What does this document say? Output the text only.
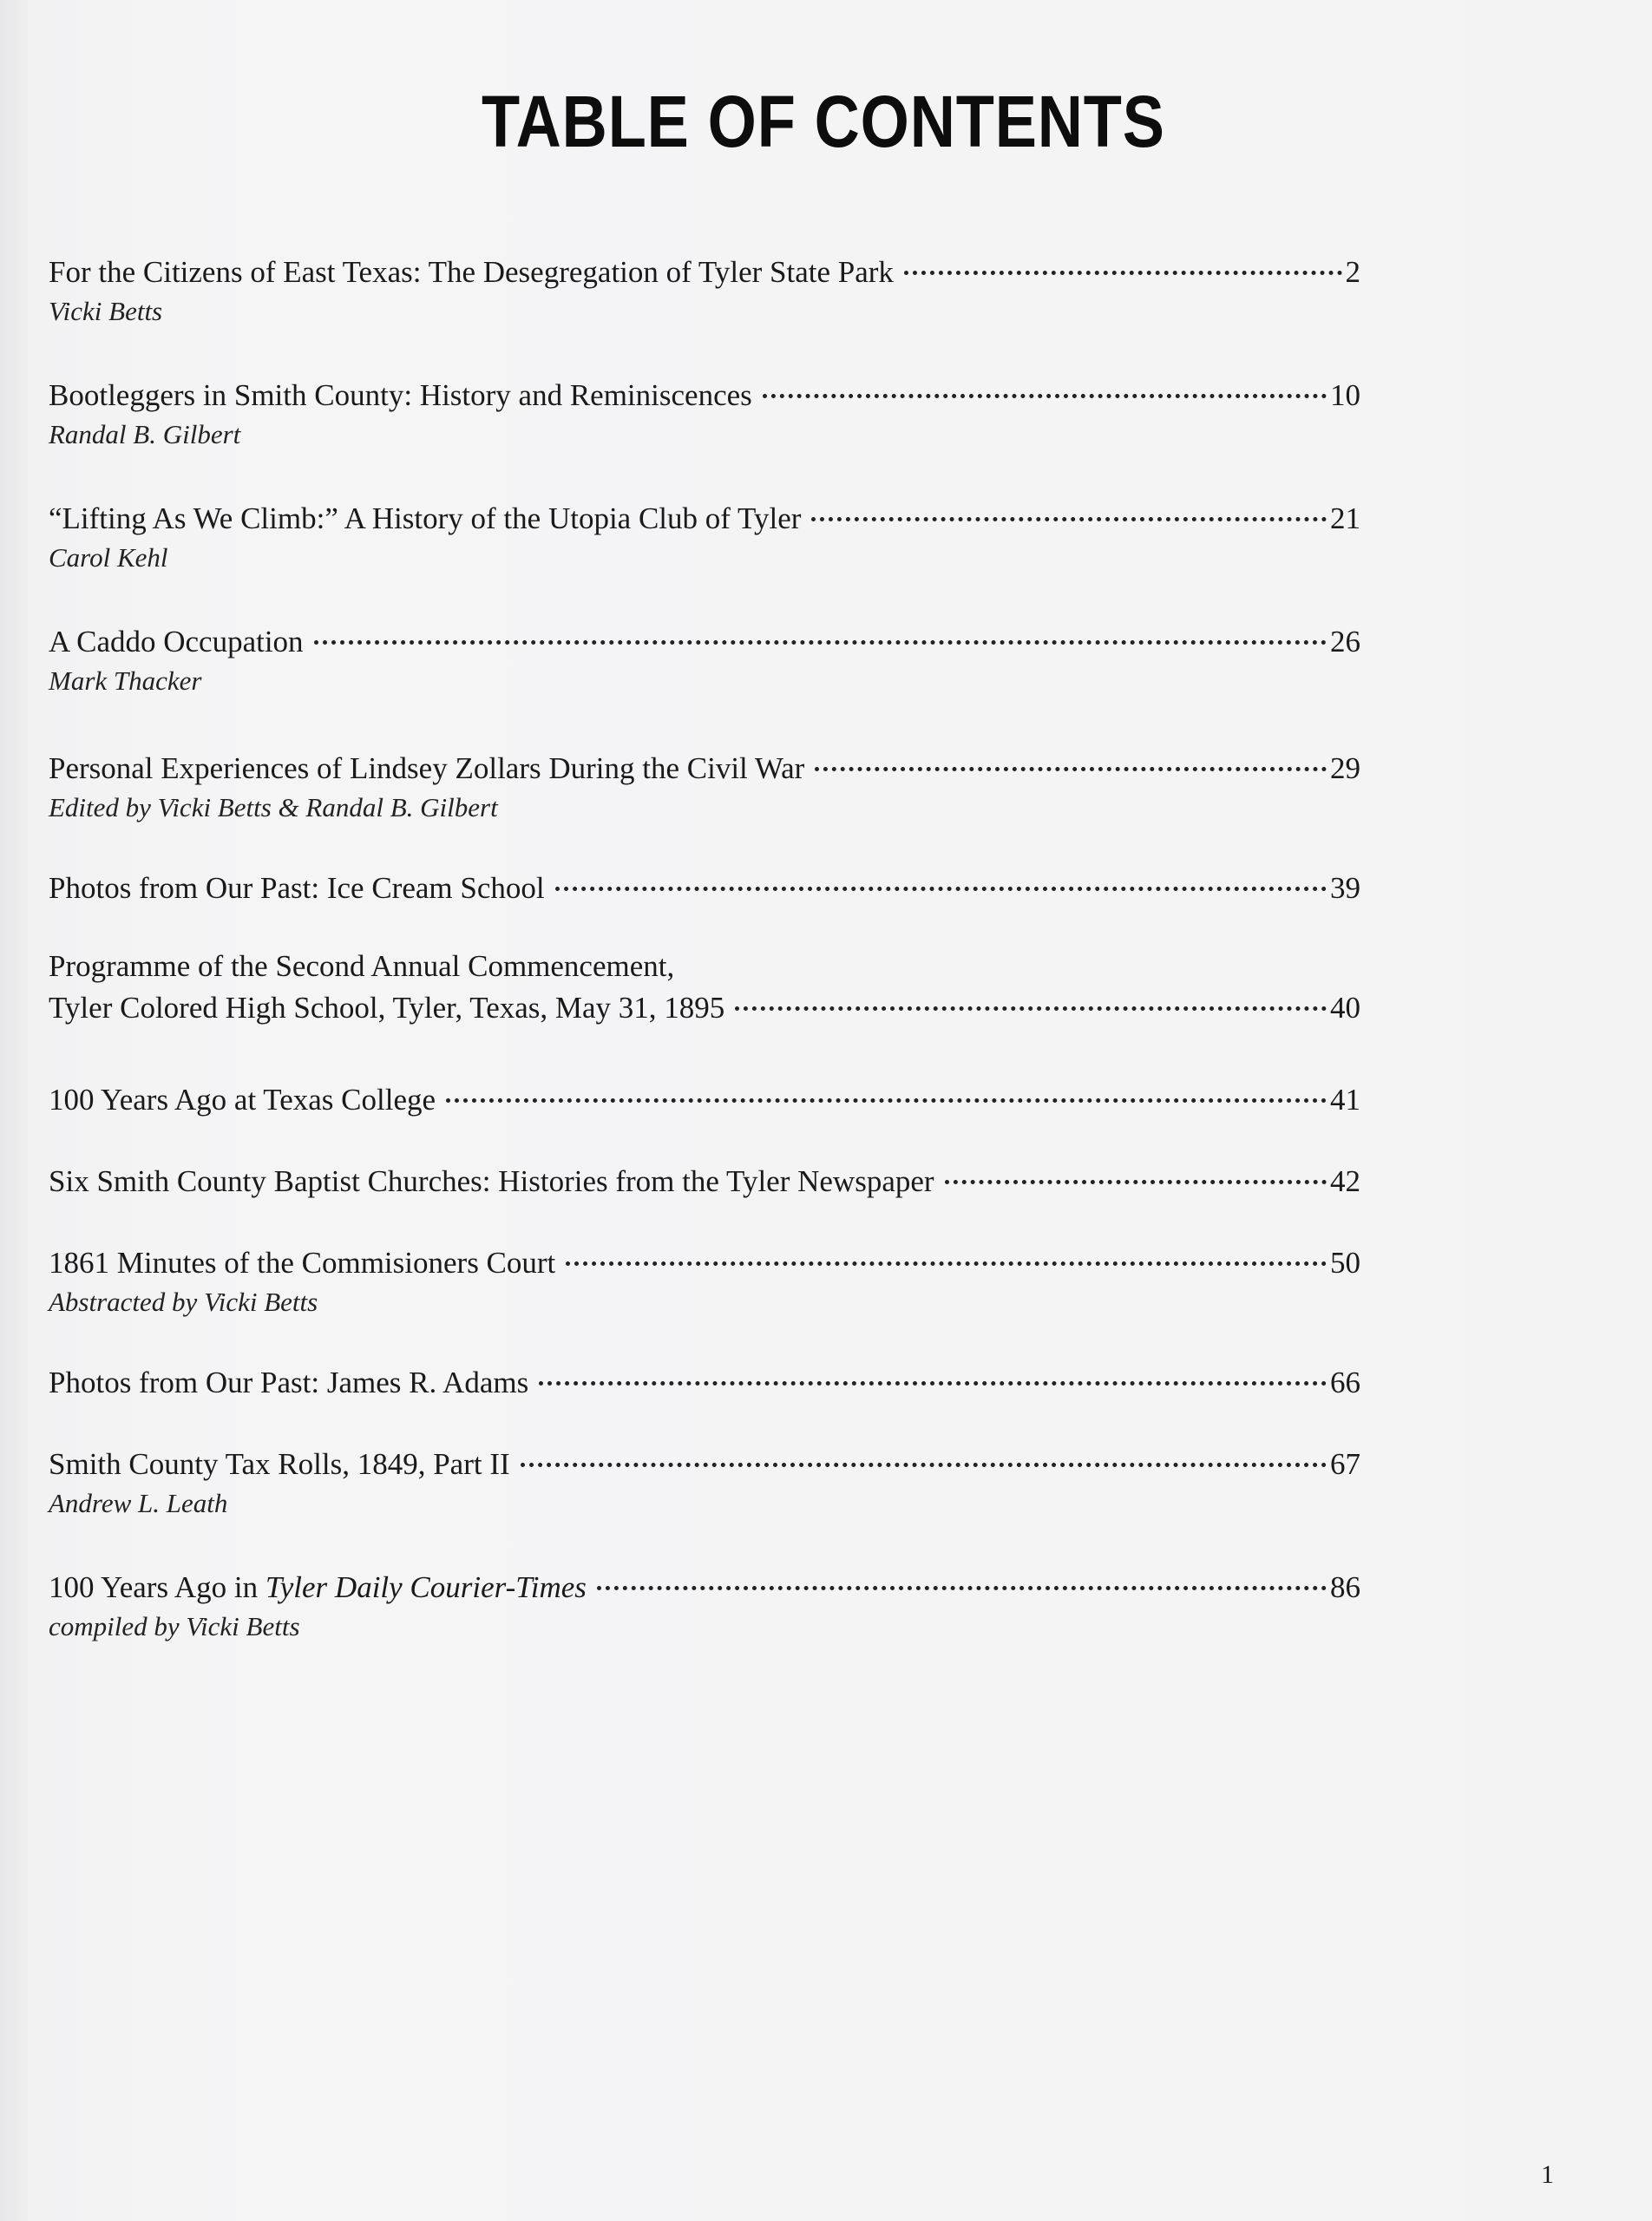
TABLE OF CONTENTS
For the Citizens of East Texas: The Desegregation of Tyler State Park	2
Vicki Betts
Bootleggers in Smith County: History and Reminiscences	10
Randal B. Gilbert
“Lifting As We Climb:” A History of the Utopia Club of Tyler	21
Carol Kehl
A Caddo Occupation	26
Mark Thacker
Personal Experiences of Lindsey Zollars During the Civil War	29
Edited by Vicki Betts & Randal B. Gilbert
Photos from Our Past: Ice Cream School	39
Programme of the Second Annual Commencement,
Tyler Colored High School, Tyler, Texas, May 31, 1895	40
100 Years Ago at Texas College	41
Six Smith County Baptist Churches: Histories from the Tyler Newspaper	42
1861 Minutes of the Commisioners Court	50
Abstracted by Vicki Betts
Photos from Our Past: James R. Adams	66
Smith County Tax Rolls, 1849, Part II	67
Andrew L. Leath
100 Years Ago in Tyler Daily Courier-Times	86
compiled by Vicki Betts
1
